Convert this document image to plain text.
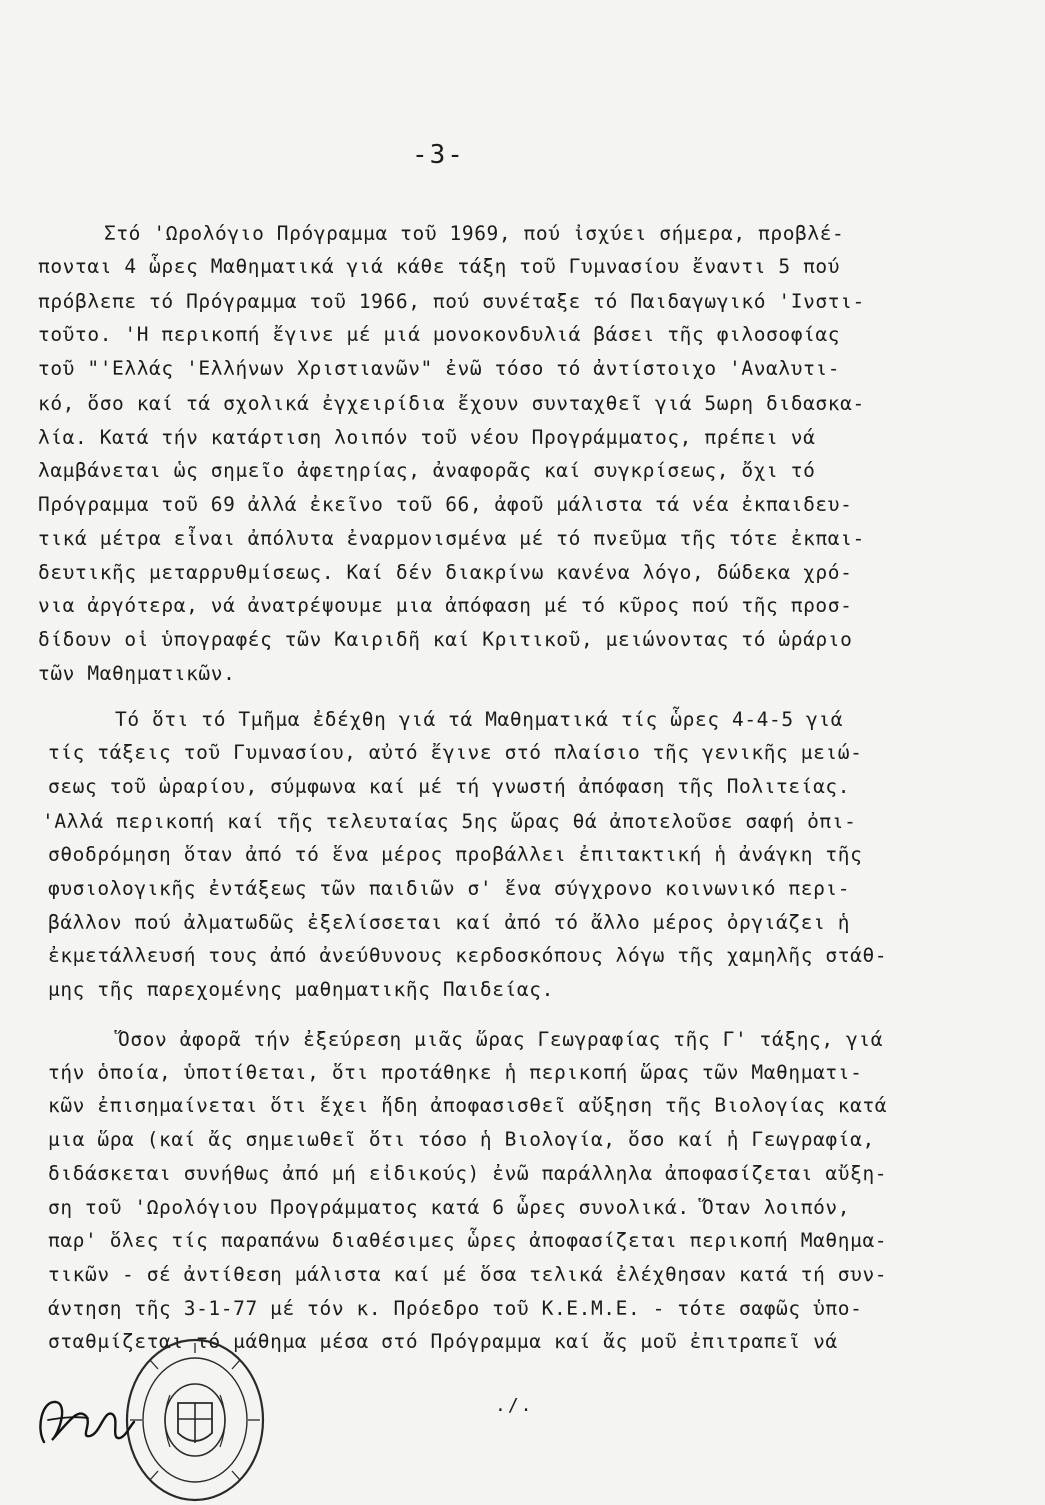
-3-
Στό 'Ωρολόγιο Πρόγραμμα τοῦ 1969, πού ἰσχύει σήμερα, προβλέ-
πονται 4 ὧρες Μαθηματικά γιά κάθε τάξη τοῦ Γυμνασίου ἔναντι 5 πού
πρόβλεπε τό Πρόγραμμα τοῦ 1966, πού συνέταξε τό Παιδαγωγικό 'Ινστι-
τοῦτο. 'Η περικοπή ἔγινε μέ μιά μονοκονδυλιά βάσει τῆς φιλοσοφίας
τοῦ "'Ελλάς 'Ελλήνων Χριστιανῶν" ἐνῶ τόσο τό ἀντίστοιχο 'Αναλυτι-
κό, ὅσο καί τά σχολικά ἐγχειρίδια ἔχουν συνταχθεῖ γιά 5ωρη διδασκα-
λία. Κατά τήν κατάρτιση λοιπόν τοῦ νέου Προγράμματος, πρέπει νά
λαμβάνεται ὡς σημεῖο ἀφετηρίας, ἀναφορᾶς καί συγκρίσεως, ὄχι τό
Πρόγραμμα τοῦ 69 ἀλλά ἐκεῖνο τοῦ 66, ἀφοῦ μάλιστα τά νέα ἐκπαιδευ-
τικά μέτρα εἶναι ἀπόλυτα ἐναρμονισμένα μέ τό πνεῦμα τῆς τότε ἐκπαι-
δευτικῆς μεταρρυθμίσεως. Καί δέν διακρίνω κανένα λόγο, δώδεκα χρό-
νια ἀργότερα, νά ἀνατρέψουμε μια ἀπόφαση μέ τό κῦρος πού τῆς προσ-
δίδουν οἱ ὑπογραφές τῶν Καιριδῆ καί Κριτικοῦ, μειώνοντας τό ὡράριο
τῶν Μαθηματικῶν.
Τό ὅτι τό Τμῆμα ἐδέχθη γιά τά Μαθηματικά τίς ὧρες 4-4-5 γιά
τίς τάξεις τοῦ Γυμνασίου, αὐτό ἔγινε στό πλαίσιο τῆς γενικῆς μειώ-
σεως τοῦ ὡραρίου, σύμφωνα καί μέ τή γνωστή ἀπόφαση τῆς Πολιτείας.
'Αλλά περικοπή καί τῆς τελευταίας 5ης ὥρας θά ἀποτελοῦσε σαφή ὀπι-
σθοδρόμηση ὅταν ἀπό τό ἕνα μέρος προβάλλει ἐπιτακτική ἡ ἀνάγκη τῆς
φυσιολογικῆς ἐντάξεως τῶν παιδιῶν σ' ἕνα σύγχρονο κοινωνικό περι-
βάλλον πού ἀλματωδῶς ἐξελίσσεται καί ἀπό τό ἄλλο μέρος ὀργιάζει ἡ
ἐκμετάλλευσή τους ἀπό ἀνεύθυνους κερδοσκόπους λόγω τῆς χαμηλῆς στάθ-
μης τῆς παρεχομένης μαθηματικῆς Παιδείας.
Ὅσον ἀφορᾶ τήν ἐξεύρεση μιᾶς ὥρας Γεωγραφίας τῆς Γ' τάξης, γιά
τήν ὁποία, ὑποτίθεται, ὅτι προτάθηκε ἡ περικοπή ὥρας τῶν Μαθηματι-
κῶν ἐπισημαίνεται ὅτι ἔχει ἤδη ἀποφασισθεῖ αὔξηση τῆς Βιολογίας κατά
μια ὥρα (καί ἄς σημειωθεῖ ὅτι τόσο ἡ Βιολογία, ὅσο καί ἡ Γεωγραφία,
διδάσκεται συνήθως ἀπό μή εἰδικούς) ἐνῶ παράλληλα ἀποφασίζεται αὔξη-
ση τοῦ 'Ωρολόγιου Προγράμματος κατά 6 ὧρες συνολικά. Ὅταν λοιπόν,
παρ' ὅλες τίς παραπάνω διαθέσιμες ὧρες ἀποφασίζεται περικοπή Μαθημα-
τικῶν - σέ ἀντίθεση μάλιστα καί μέ ὅσα τελικά ἐλέχθησαν κατά τή συν-
άντηση τῆς 3-1-77 μέ τόν κ. Πρόεδρο τοῦ Κ.Ε.Μ.Ε. - τότε σαφῶς ὑπο-
σταθμίζεται τό μάθημα μέσα στό Πρόγραμμα καί ἄς μοῦ ἐπιτραπεῖ νά
./.
